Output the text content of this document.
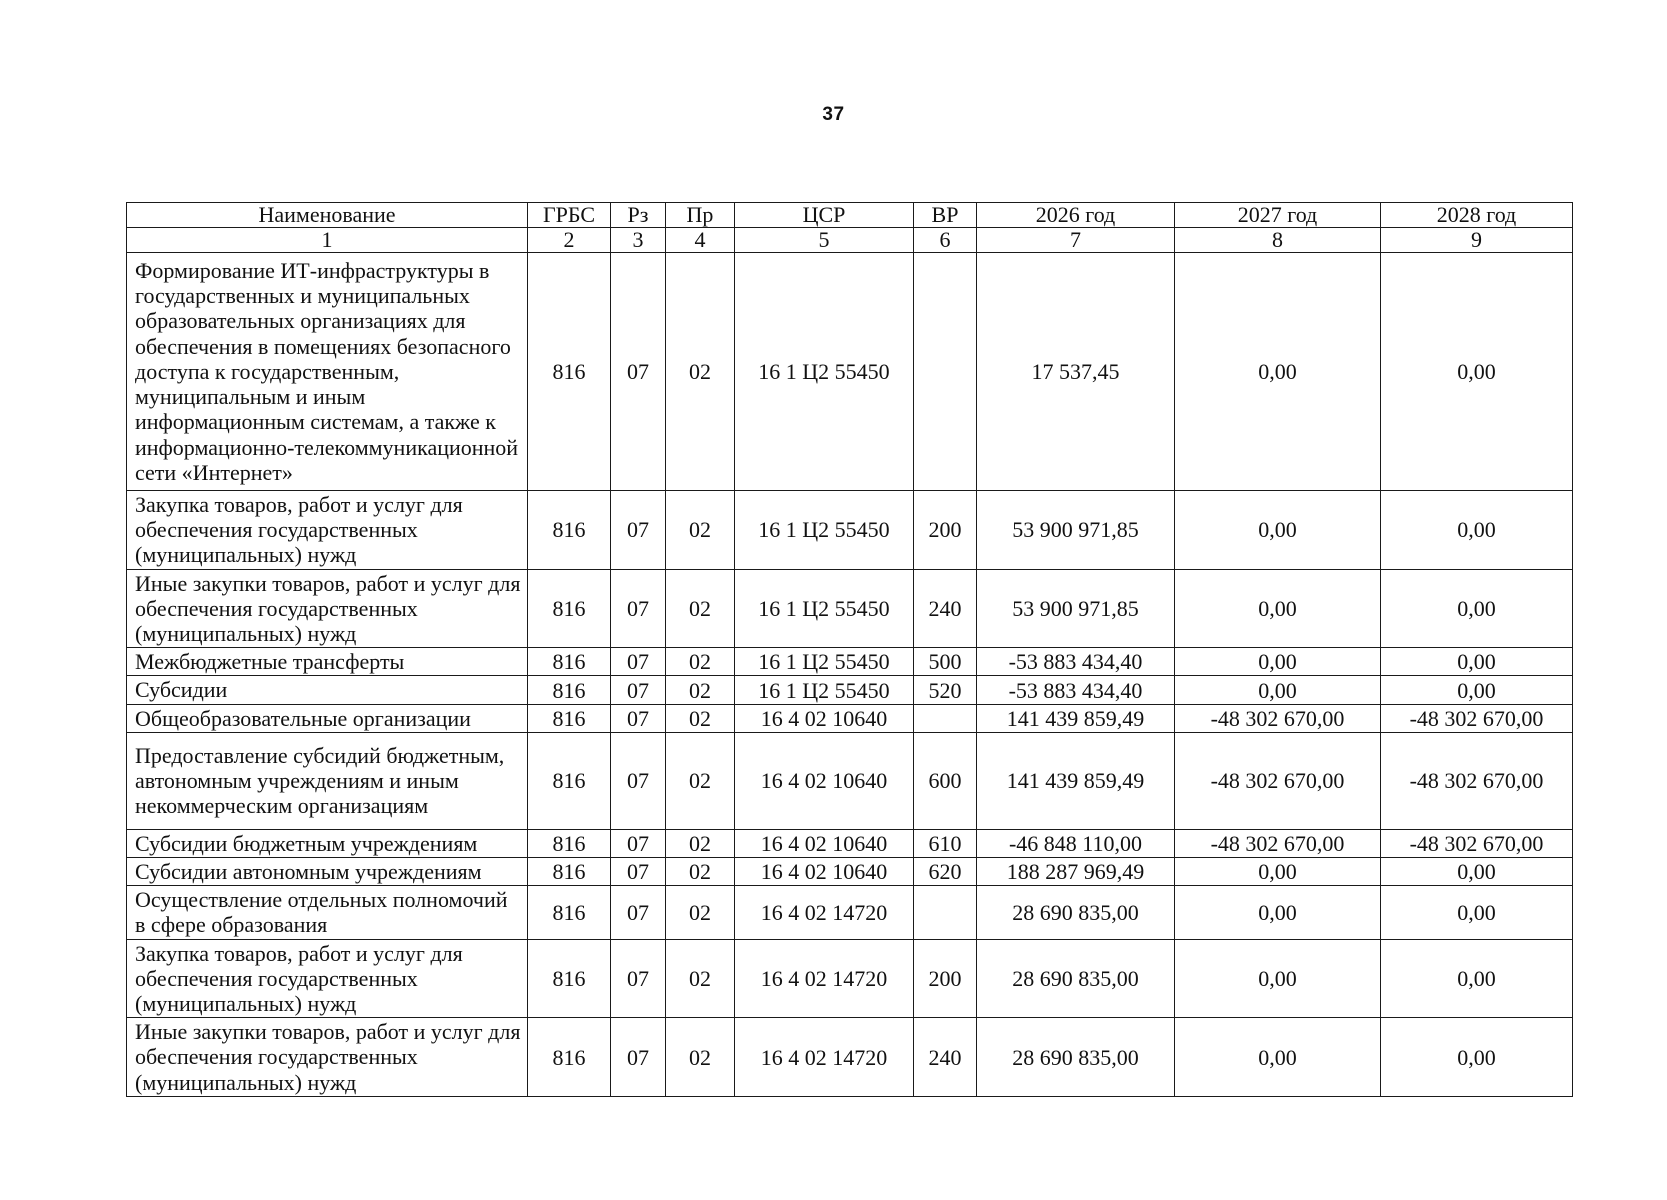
37
Наименование	ГРБС	Рз	Пр	ЦСР	ВР	2026 год	2027 год	2028 год
1	2	3	4	5	6	7	8	9
Формирование ИТ-инфраструктуры в государственных и муниципальных образовательных организациях для обеспечения в помещениях безопасного доступа к государственным, муниципальным и иным информационным системам, а также к информационно-телекоммуникационной сети «Интернет»	816	07	02	16 1 Ц2 55450		17 537,45	0,00	0,00
Закупка товаров, работ и услуг для обеспечения государственных (муниципальных) нужд	816	07	02	16 1 Ц2 55450	200	53 900 971,85	0,00	0,00
Иные закупки товаров, работ и услуг для обеспечения государственных (муниципальных) нужд	816	07	02	16 1 Ц2 55450	240	53 900 971,85	0,00	0,00
Межбюджетные трансферты	816	07	02	16 1 Ц2 55450	500	-53 883 434,40	0,00	0,00
Субсидии	816	07	02	16 1 Ц2 55450	520	-53 883 434,40	0,00	0,00
Общеобразовательные организации	816	07	02	16 4 02 10640		141 439 859,49	-48 302 670,00	-48 302 670,00
Предоставление субсидий бюджетным, автономным учреждениям и иным некоммерческим организациям	816	07	02	16 4 02 10640	600	141 439 859,49	-48 302 670,00	-48 302 670,00
Субсидии бюджетным учреждениям	816	07	02	16 4 02 10640	610	-46 848 110,00	-48 302 670,00	-48 302 670,00
Субсидии автономным учреждениям	816	07	02	16 4 02 10640	620	188 287 969,49	0,00	0,00
Осуществление отдельных полномочий в сфере образования	816	07	02	16 4 02 14720		28 690 835,00	0,00	0,00
Закупка товаров, работ и услуг для обеспечения государственных (муниципальных) нужд	816	07	02	16 4 02 14720	200	28 690 835,00	0,00	0,00
Иные закупки товаров, работ и услуг для обеспечения государственных (муниципальных) нужд	816	07	02	16 4 02 14720	240	28 690 835,00	0,00	0,00
